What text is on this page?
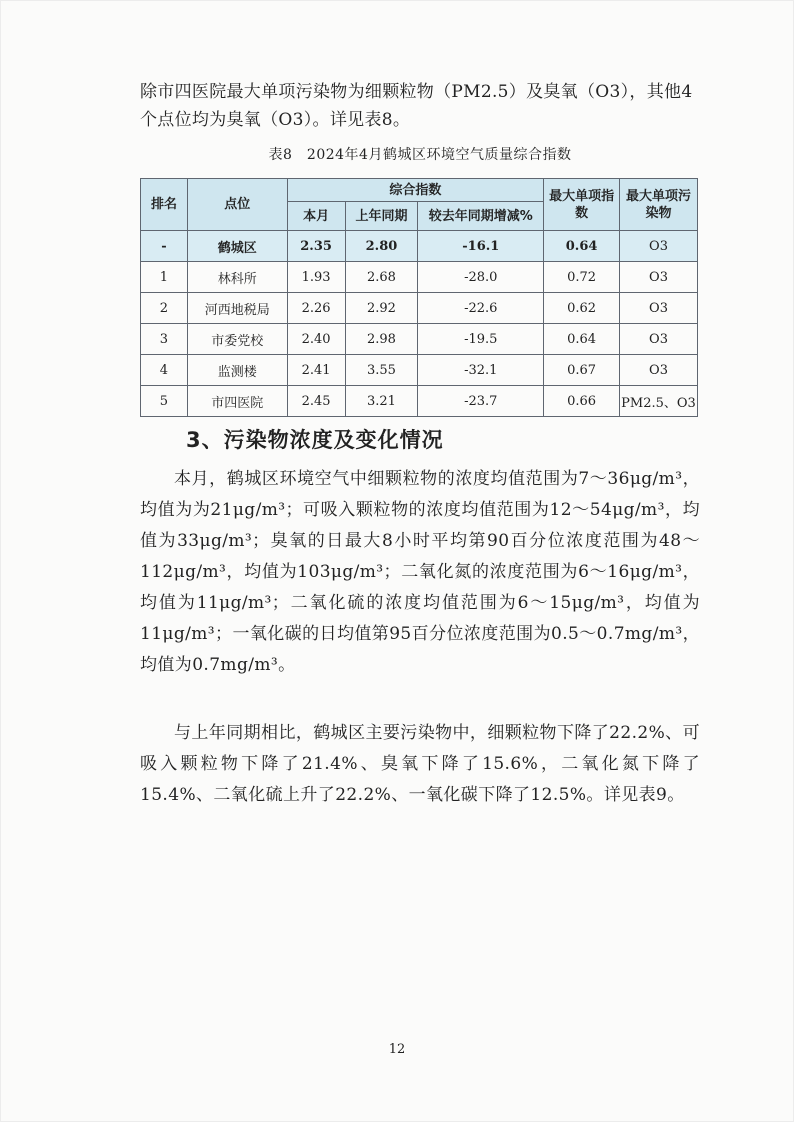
除市四医院最大单项污染物为细颗粒物（PM2.5）及臭氧（O3），其他4个点位均为臭氧（O3）。详见表8。

表8　2024年4月鹤城区环境空气质量综合指数
排名	点位	综合指数			最大单项指数	最大单项污染物
		本月	上年同期	较去年同期增减%		
-	鹤城区	2.35	2.80	-16.1	0.64	O3
1	林科所	1.93	2.68	-28.0	0.72	O3
2	河西地税局	2.26	2.92	-22.6	0.62	O3
3	市委党校	2.40	2.98	-19.5	0.64	O3
4	监测楼	2.41	3.55	-32.1	0.67	O3
5	市四医院	2.45	3.21	-23.7	0.66	PM2.5、O3
3、污染物浓度及变化情况

本月，鹤城区环境空气中细颗粒物的浓度均值范围为7～36μg/m³，均值为为21μg/m³；可吸入颗粒物的浓度均值范围为12～54μg/m³，均值为33μg/m³；臭氧的日最大8小时平均第90百分位浓度范围为48～112μg/m³，均值为103μg/m³；二氧化氮的浓度范围为6～16μg/m³，均值为11μg/m³；二氧化硫的浓度均值范围为6～15μg/m³，均值为11μg/m³；一氧化碳的日均值第95百分位浓度范围为0.5～0.7mg/m³，均值为0.7mg/m³。

与上年同期相比，鹤城区主要污染物中，细颗粒物下降了22.2%、可吸入颗粒物下降了21.4%、臭氧下降了15.6%，二氧化氮下降了15.4%、二氧化硫上升了22.2%、一氧化碳下降了12.5%。详见表9。

12
